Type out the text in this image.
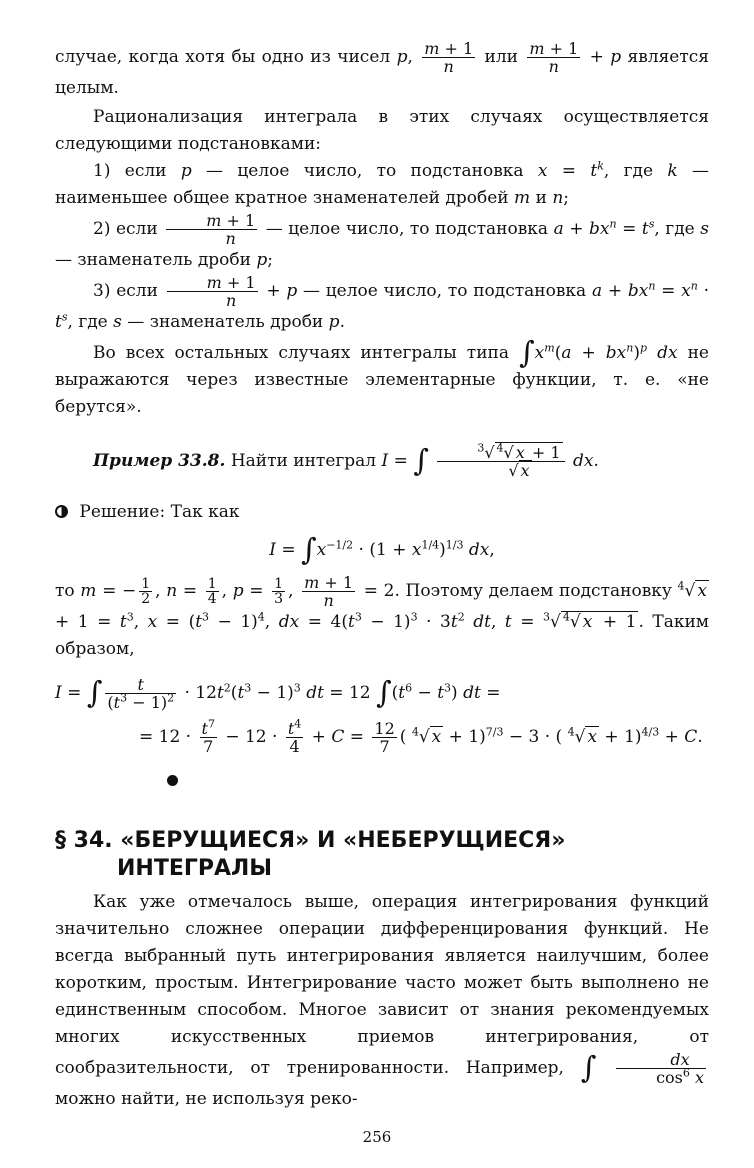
случае, когда хотя бы одно из чисел p, $\frac{m + 1}{n}$ или $\frac{m + 1}{n} + p$ является целым.

Рационализация интеграла в этих случаях осуществляется следующими подстановками:

1) если p — целое число, то подстановка $x = t^k$, где k — наименьшее общее кратное знаменателей дробей m и n;

2) если $\frac{m + 1}{n}$ — целое число, то подстановка $a + bx^n = t^s$, где s — знаменатель дроби p;

3) если $\frac{m + 1}{n} + p$ — целое число, то подстановка $a + bx^n = x^n \cdot t^s$, где s — знаменатель дроби p.

Во всех остальных случаях интегралы типа $\int x^m(a + bx^n)^p$ dx не выражаются через известные элементарные функции, т. е. «не берутся».

Пример 33.8. Найти интеграл I = ∫ $\frac{^3√ ^4√ x + 1}{√ x}$ dx.

Решение: Так как

$I = \int x^{-1/2} \cdot (1 + x^{1/4})^{1/3}$ dx,

то m = − $\frac{1}{2}$ , $n = \frac{1}{4}$ , $p = \frac{1}{3}$ , $\frac{m + 1}{n} = 2$. Поэтому делаем подстановку $^4$√ $x + 1 = t^3$, $x = (t^3 - 1)^4$, dx = $4(t^3 - 1)^3 \cdot 3t^2$ dt, t = $^3$√ $^4$√ x + 1 . Таким образом,

I = ∫ $\frac{t}{(t^3 - 1)^2} \cdot 12t^2(t^3 - 1)^3$ dt = 12 $\int(t^6 - t^3)$ dt =
= $12 \cdot \frac{t^7}{7} - 12 \cdot \frac{t^4}{4} + C = \frac{12}{7}$ ( $^4$√ x + 1)$^{7/3}$ − 3 · ( $^4$√ x + 1)$^{4/3}$ + C.
§ 34. «БЕРУЩИЕСЯ» И «НЕБЕРУЩИЕСЯ»
ИНТЕГРАЛЫ

Как уже отмечалось выше, операция интегрирования функций значительно сложнее операции дифференцирования функций. Не всегда выбранный путь интегрирования является наилучшим, более коротким, простым. Интегрирование часто может быть выполнено не единственным способом. Многое зависит от знания рекомендуемых многих искусственных приемов интегрирования, от сообразительности, от тренированности. Например, ∫ $\frac{dx}{\cos^6 x}$
можно найти, не используя реко-

256
